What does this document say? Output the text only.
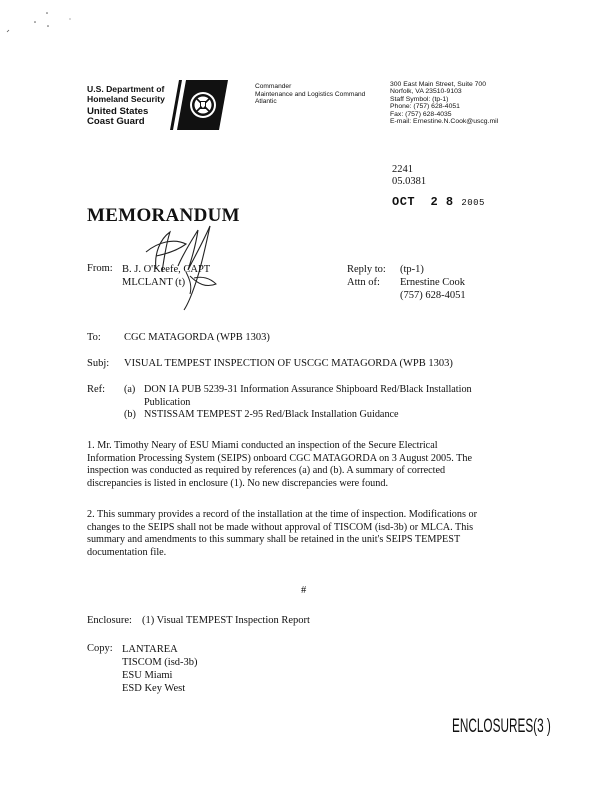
U.S. Department of
Homeland Security
United States
Coast Guard
Commander
Maintenance and Logistics Command
Atlantic
300 East Main Street, Suite 700
Norfolk, VA 23510-9103
Staff Symbol: (tp-1)
Phone: (757) 628-4051
Fax: (757) 628-4035
E-mail: Ernestine.N.Cook@uscg.mil
2241
05.0381
OCT  2 8 2005
MEMORANDUM
From: B. J. O'Keefe, CAPT
MLCLANT (t)
Reply to:
Attn of:
(tp-1)
Ernestine Cook
(757) 628-4051
To: CGC MATAGORDA (WPB 1303)
Subj: VISUAL TEMPEST INSPECTION OF USCGC MATAGORDA (WPB 1303)
Ref: (a) DON IA PUB 5239-31 Information Assurance Shipboard Red/Black Installation
Publication
(b) NSTISSAM TEMPEST 2-95 Red/Black Installation Guidance
1. Mr. Timothy Neary of ESU Miami conducted an inspection of the Secure Electrical
Information Processing System (SEIPS) onboard CGC MATAGORDA on 3 August 2005. The
inspection was conducted as required by references (a) and (b). A summary of corrected
discrepancies is listed in enclosure (1). No new discrepancies were found.
2. This summary provides a record of the installation at the time of inspection. Modifications or
changes to the SEIPS shall not be made without approval of TISCOM (isd-3b) or MLCA. This
summary and amendments to this summary shall be retained in the unit's SEIPS TEMPEST
documentation file.
#
Enclosure: (1) Visual TEMPEST Inspection Report
Copy: LANTAREA
TISCOM (isd-3b)
ESU Miami
ESD Key West
ENCLOSURES(3 )
